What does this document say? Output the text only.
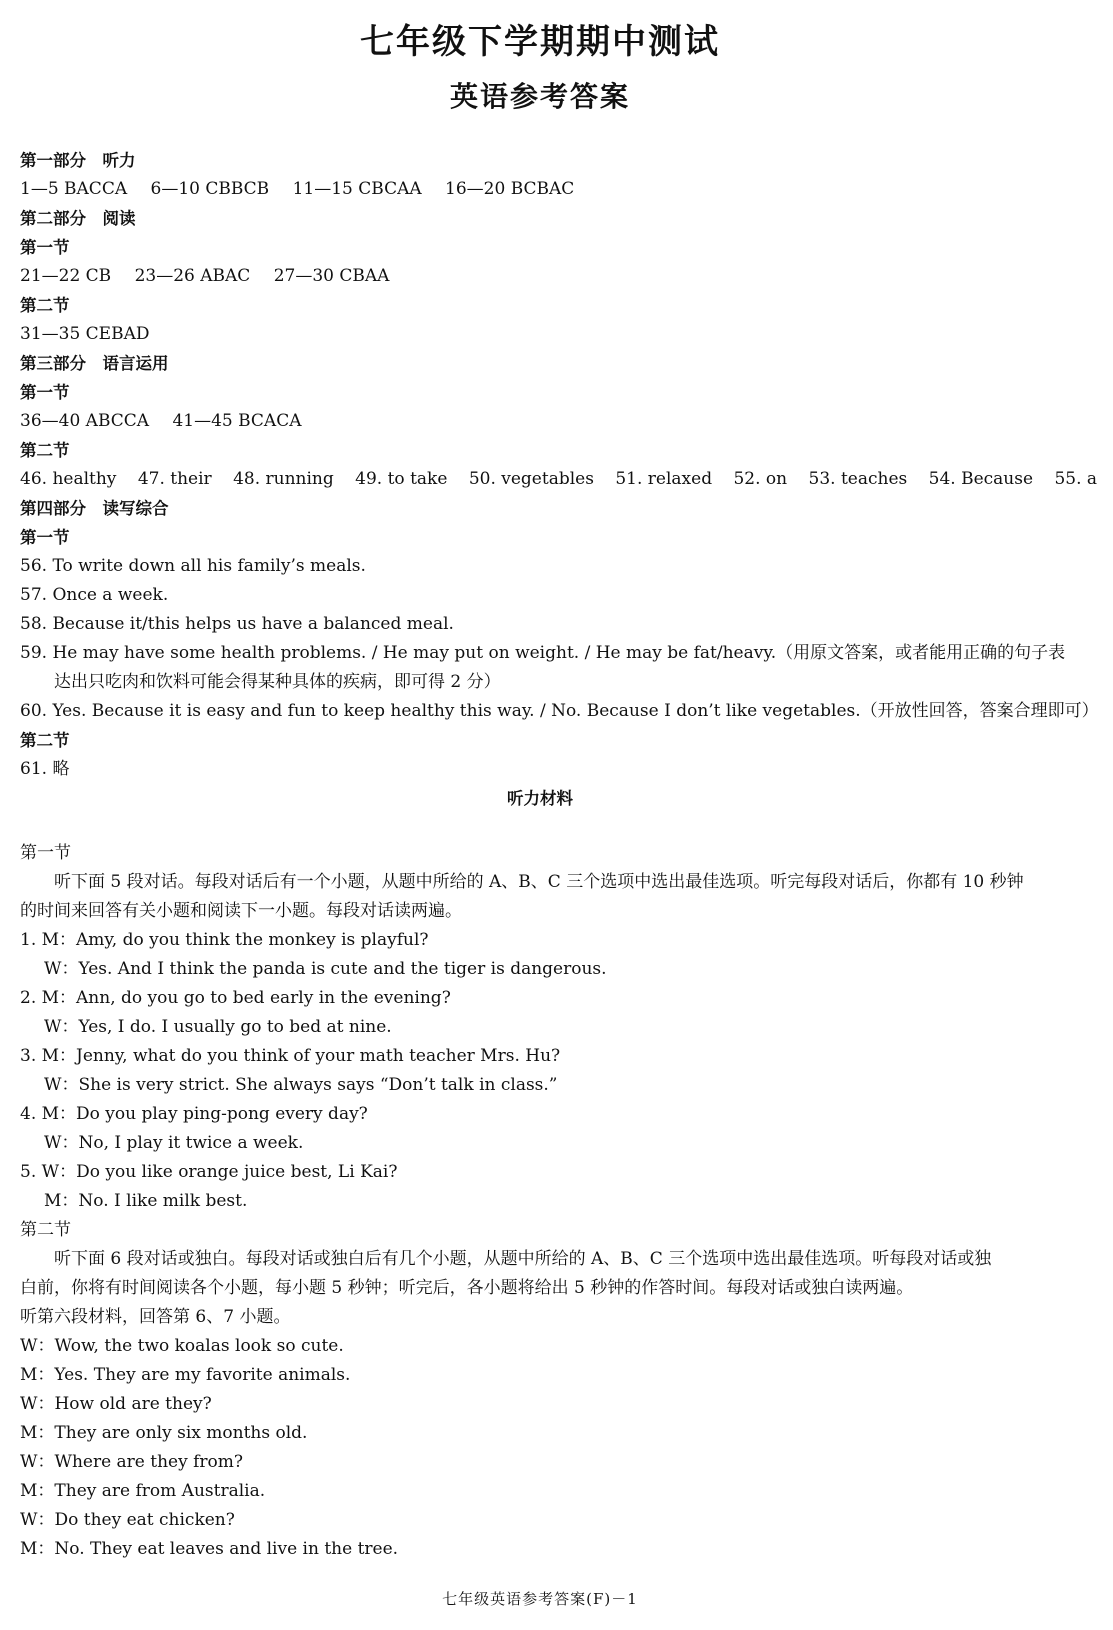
七年级下学期期中测试
英语参考答案
第一部分　听力
1—5 BACCA 6—10 CBBCB 11—15 CBCAA 16—20 BCBAC
第二部分　阅读
第一节
21—22 CB 23—26 ABAC 27—30 CBAA
第二节
31—35 CEBAD
第三部分　语言运用
第一节
36—40 ABCCA 41—45 BCACA
第二节
46. healthy 47. their 48. running 49. to take 50. vegetables 51. relaxed 52. on 53. teaches 54. Because 55. a
第四部分　读写综合
第一节
56. To write down all his family’s meals.
57. Once a week.
58. Because it/this helps us have a balanced meal.
59. He may have some health problems. / He may put on weight. / He may be fat/heavy.（用原文答案，或者能用正确的句子表
达出只吃肉和饮料可能会得某种具体的疾病，即可得 2 分）
60. Yes. Because it is easy and fun to keep healthy this way. / No. Because I don’t like vegetables.（开放性回答，答案合理即可）
第二节
61. 略
听力材料
第一节
听下面 5 段对话。每段对话后有一个小题，从题中所给的 A、B、C 三个选项中选出最佳选项。听完每段对话后，你都有 10 秒钟
的时间来回答有关小题和阅读下一小题。每段对话读两遍。
1. M：Amy, do you think the monkey is playful?
W：Yes. And I think the panda is cute and the tiger is dangerous.
2. M：Ann, do you go to bed early in the evening?
W：Yes, I do. I usually go to bed at nine.
3. M：Jenny, what do you think of your math teacher Mrs. Hu?
W：She is very strict. She always says “Don’t talk in class.”
4. M：Do you play ping-pong every day?
W：No, I play it twice a week.
5. W：Do you like orange juice best, Li Kai?
M：No. I like milk best.
第二节
听下面 6 段对话或独白。每段对话或独白后有几个小题，从题中所给的 A、B、C 三个选项中选出最佳选项。听每段对话或独
白前，你将有时间阅读各个小题，每小题 5 秒钟；听完后，各小题将给出 5 秒钟的作答时间。每段对话或独白读两遍。
听第六段材料，回答第 6、7 小题。
W：Wow, the two koalas look so cute.
M：Yes. They are my favorite animals.
W：How old are they?
M：They are only six months old.
W：Where are they from?
M：They are from Australia.
W：Do they eat chicken?
M：No. They eat leaves and live in the tree.
七年级英语参考答案(F)－1
